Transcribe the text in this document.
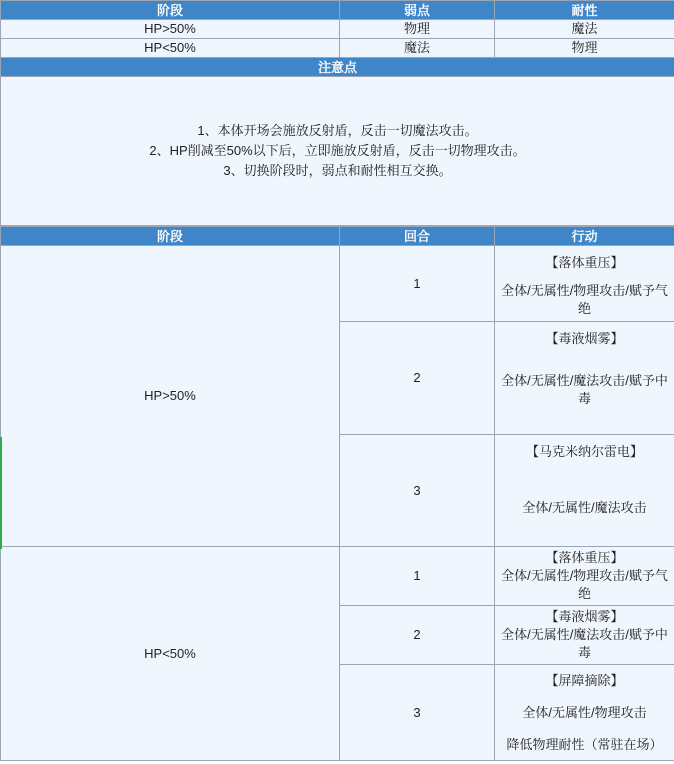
阶段	弱点	耐性
HP>50%	物理	魔法
HP<50%	魔法	物理
注意点		

1、本体开场会施放反射盾，反击一切魔法攻击。
2、HP削减至50%以下后，立即施放反射盾，反击一切物理攻击。
3、切换阶段时，弱点和耐性相互交换。		
阶段	回合	行动
HP>50%	1	【落体重压】
全体/无属性/物理攻击/赋予气绝

	2	【毒液烟雾】
全体/无属性/魔法攻击/赋予中毒

	3	【马克米纳尔雷电】
全体/无属性/魔法攻击

HP<50%	1	【落体重压】
全体/无属性/物理攻击/赋予气绝

	2	【毒液烟雾】
全体/无属性/魔法攻击/赋予中毒

	3	【屏障摘除】
全体/无属性/物理攻击
降低物理耐性（常驻在场）
